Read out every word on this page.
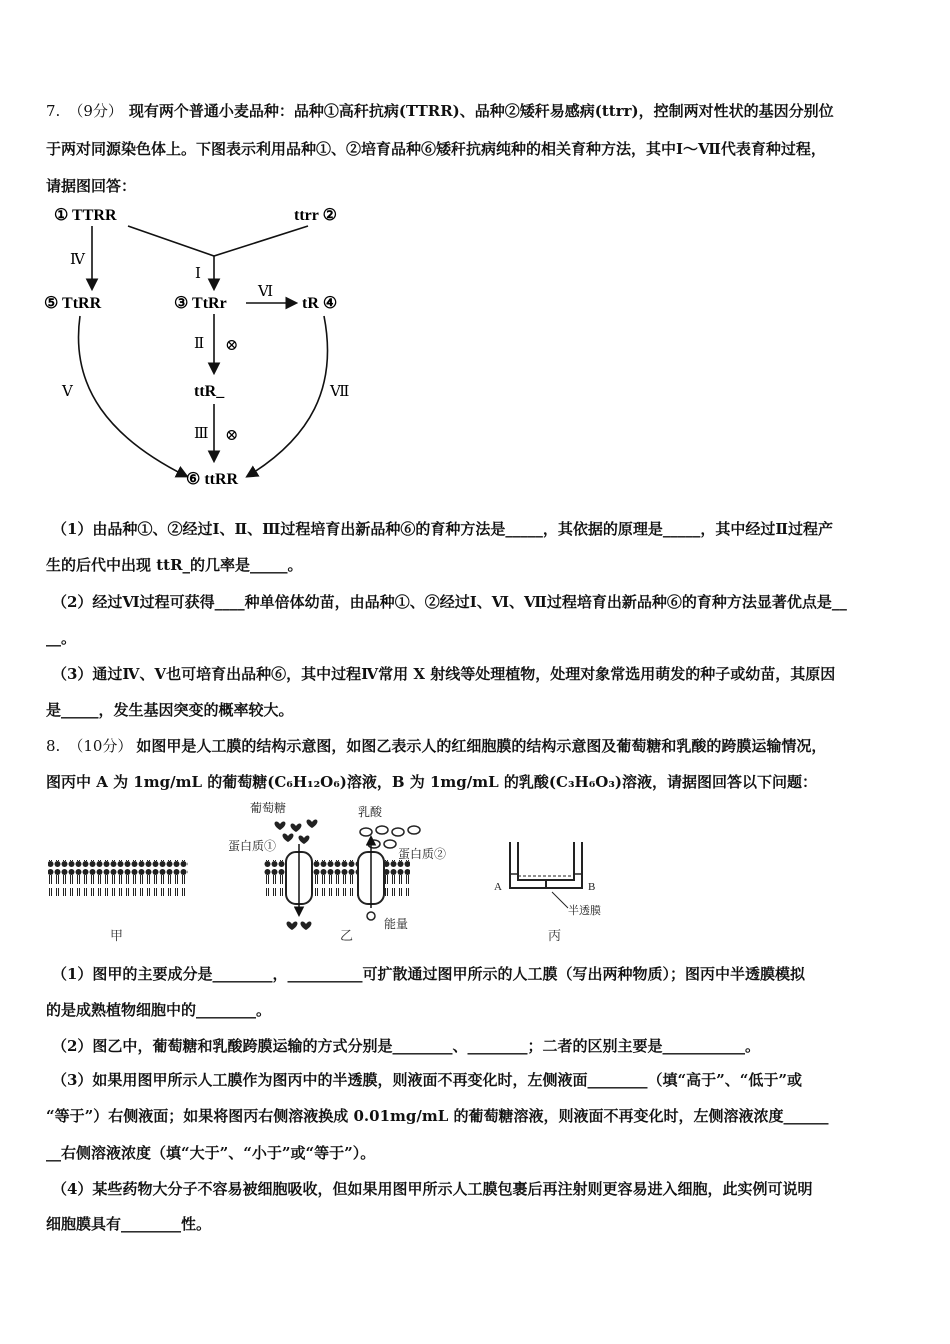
7. （9分） 现有两个普通小麦品种：品种①高秆抗病(TTRR)、品种②矮秆易感病(ttrr)，控制两对性状的基因分别位
于两对同源染色体上。下图表示利用品种①、②培育品种⑥矮秆抗病纯种的相关育种方法，其中Ⅰ～Ⅶ代表育种过程，
请据图回答：
① TTRR	ttrr ②
Ⅰ
Ⅳ
⑤ TtRR	③ TtRr
Ⅵ
tR ④
Ⅱ ⊗
ttR_
Ⅲ ⊗
Ⅴ	Ⅶ
⑥ ttRR
（1）由品种①、②经过Ⅰ、Ⅱ、Ⅲ过程培育出新品种⑥的育种方法是_____，其依据的原理是_____，其中经过Ⅱ过程产
生的后代中出现 ttR_的几率是_____。
（2）经过Ⅵ过程可获得____种单倍体幼苗，由品种①、②经过Ⅰ、Ⅵ、Ⅶ过程培育出新品种⑥的育种方法显著优点是__
__。
（3）通过Ⅳ、Ⅴ也可培育出品种⑥，其中过程Ⅳ常用 X 射线等处理植物，处理对象常选用萌发的种子或幼苗，其原因
是_____，发生基因突变的概率较大。
8. （10分） 如图甲是人工膜的结构示意图，如图乙表示人的红细胞膜的结构示意图及葡萄糖和乳酸的跨膜运输情况，
图丙中 A 为 1mg/mL 的葡萄糖(C₆H₁₂O₆)溶液，B 为 1mg/mL 的乳酸(C₃H₆O₃)溶液，请据图回答以下问题：
甲
葡萄糖	乳酸
蛋白质①
蛋白质②
能量
乙
A	B
半透膜
丙
（1）图甲的主要成分是________，__________可扩散通过图甲所示的人工膜（写出两种物质）；图丙中半透膜模拟
的是成熟植物细胞中的________。
（2）图乙中，葡萄糖和乳酸跨膜运输的方式分别是________、________；二者的区别主要是___________。
（3）如果用图甲所示人工膜作为图丙中的半透膜，则液面不再变化时，左侧液面________（填“高于”、“低于”或
“等于”）右侧液面；如果将图丙右侧溶液换成 0.01mg/mL 的葡萄糖溶液，则液面不再变化时，左侧溶液浓度______
__右侧溶液浓度（填“大于”、“小于”或“等于”）。
（4）某些药物大分子不容易被细胞吸收，但如果用图甲所示人工膜包裹后再注射则更容易进入细胞，此实例可说明
细胞膜具有________性。
